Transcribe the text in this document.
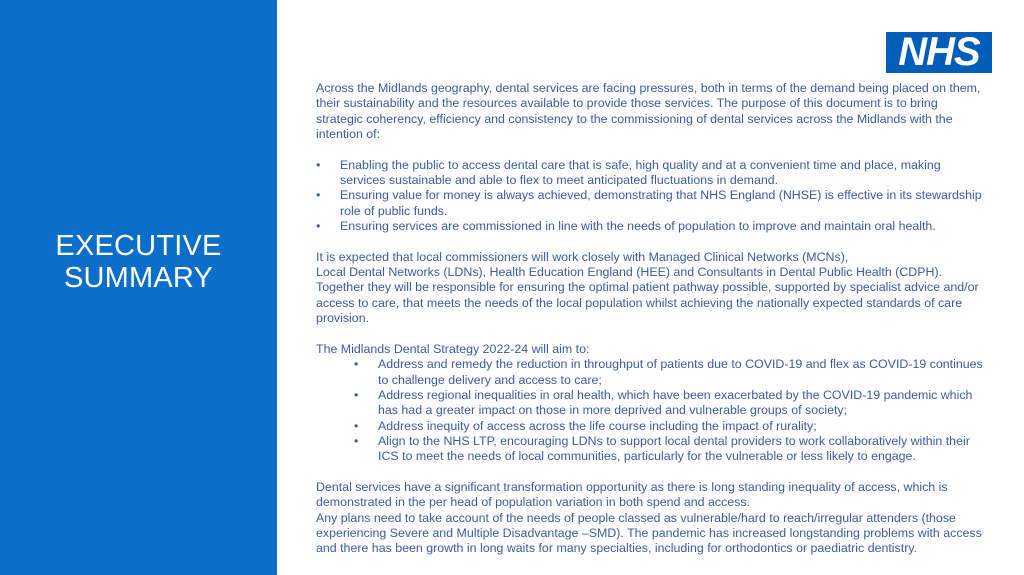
EXECUTIVE
SUMMARY
NHS

Across the Midlands geography, dental services are facing pressures, both in terms of the demand being placed on them, their sustainability and the resources available to provide those services. The purpose of this document is to bring strategic coherency, efficiency and consistency to the commissioning of dental services across the Midlands with the intention of:

• Enabling the public to access dental care that is safe, high quality and at a convenient time and place, making services sustainable and able to flex to meet anticipated fluctuations in demand.
• Ensuring value for money is always achieved, demonstrating that NHS England (NHSE) is effective in its stewardship role of public funds.
• Ensuring services are commissioned in line with the needs of population to improve and maintain oral health.

It is expected that local commissioners will work closely with Managed Clinical Networks (MCNs),

Local Dental Networks (LDNs), Health Education England (HEE) and Consultants in Dental Public Health (CDPH). Together they will be responsible for ensuring the optimal patient pathway possible, supported by specialist advice and/or access to care, that meets the needs of the local population whilst achieving the nationally expected standards of care provision.

The Midlands Dental Strategy 2022-24 will aim to:

• Address and remedy the reduction in throughput of patients due to COVID-19 and flex as COVID-19 continues to challenge delivery and access to care;
• Address regional inequalities in oral health, which have been exacerbated by the COVID-19 pandemic which has had a greater impact on those in more deprived and vulnerable groups of society;
• Address inequity of access across the life course including the impact of rurality;
• Align to the NHS LTP, encouraging LDNs to support local dental providers to work collaboratively within their ICS to meet the needs of local communities, particularly for the vulnerable or less likely to engage.

Dental services have a significant transformation opportunity as there is long standing inequality of access, which is demonstrated in the per head of population variation in both spend and access.

Any plans need to take account of the needs of people classed as vulnerable/hard to reach/irregular attenders (those experiencing Severe and Multiple Disadvantage –SMD). The pandemic has increased longstanding problems with access and there has been growth in long waits for many specialties, including for orthodontics or paediatric dentistry.
